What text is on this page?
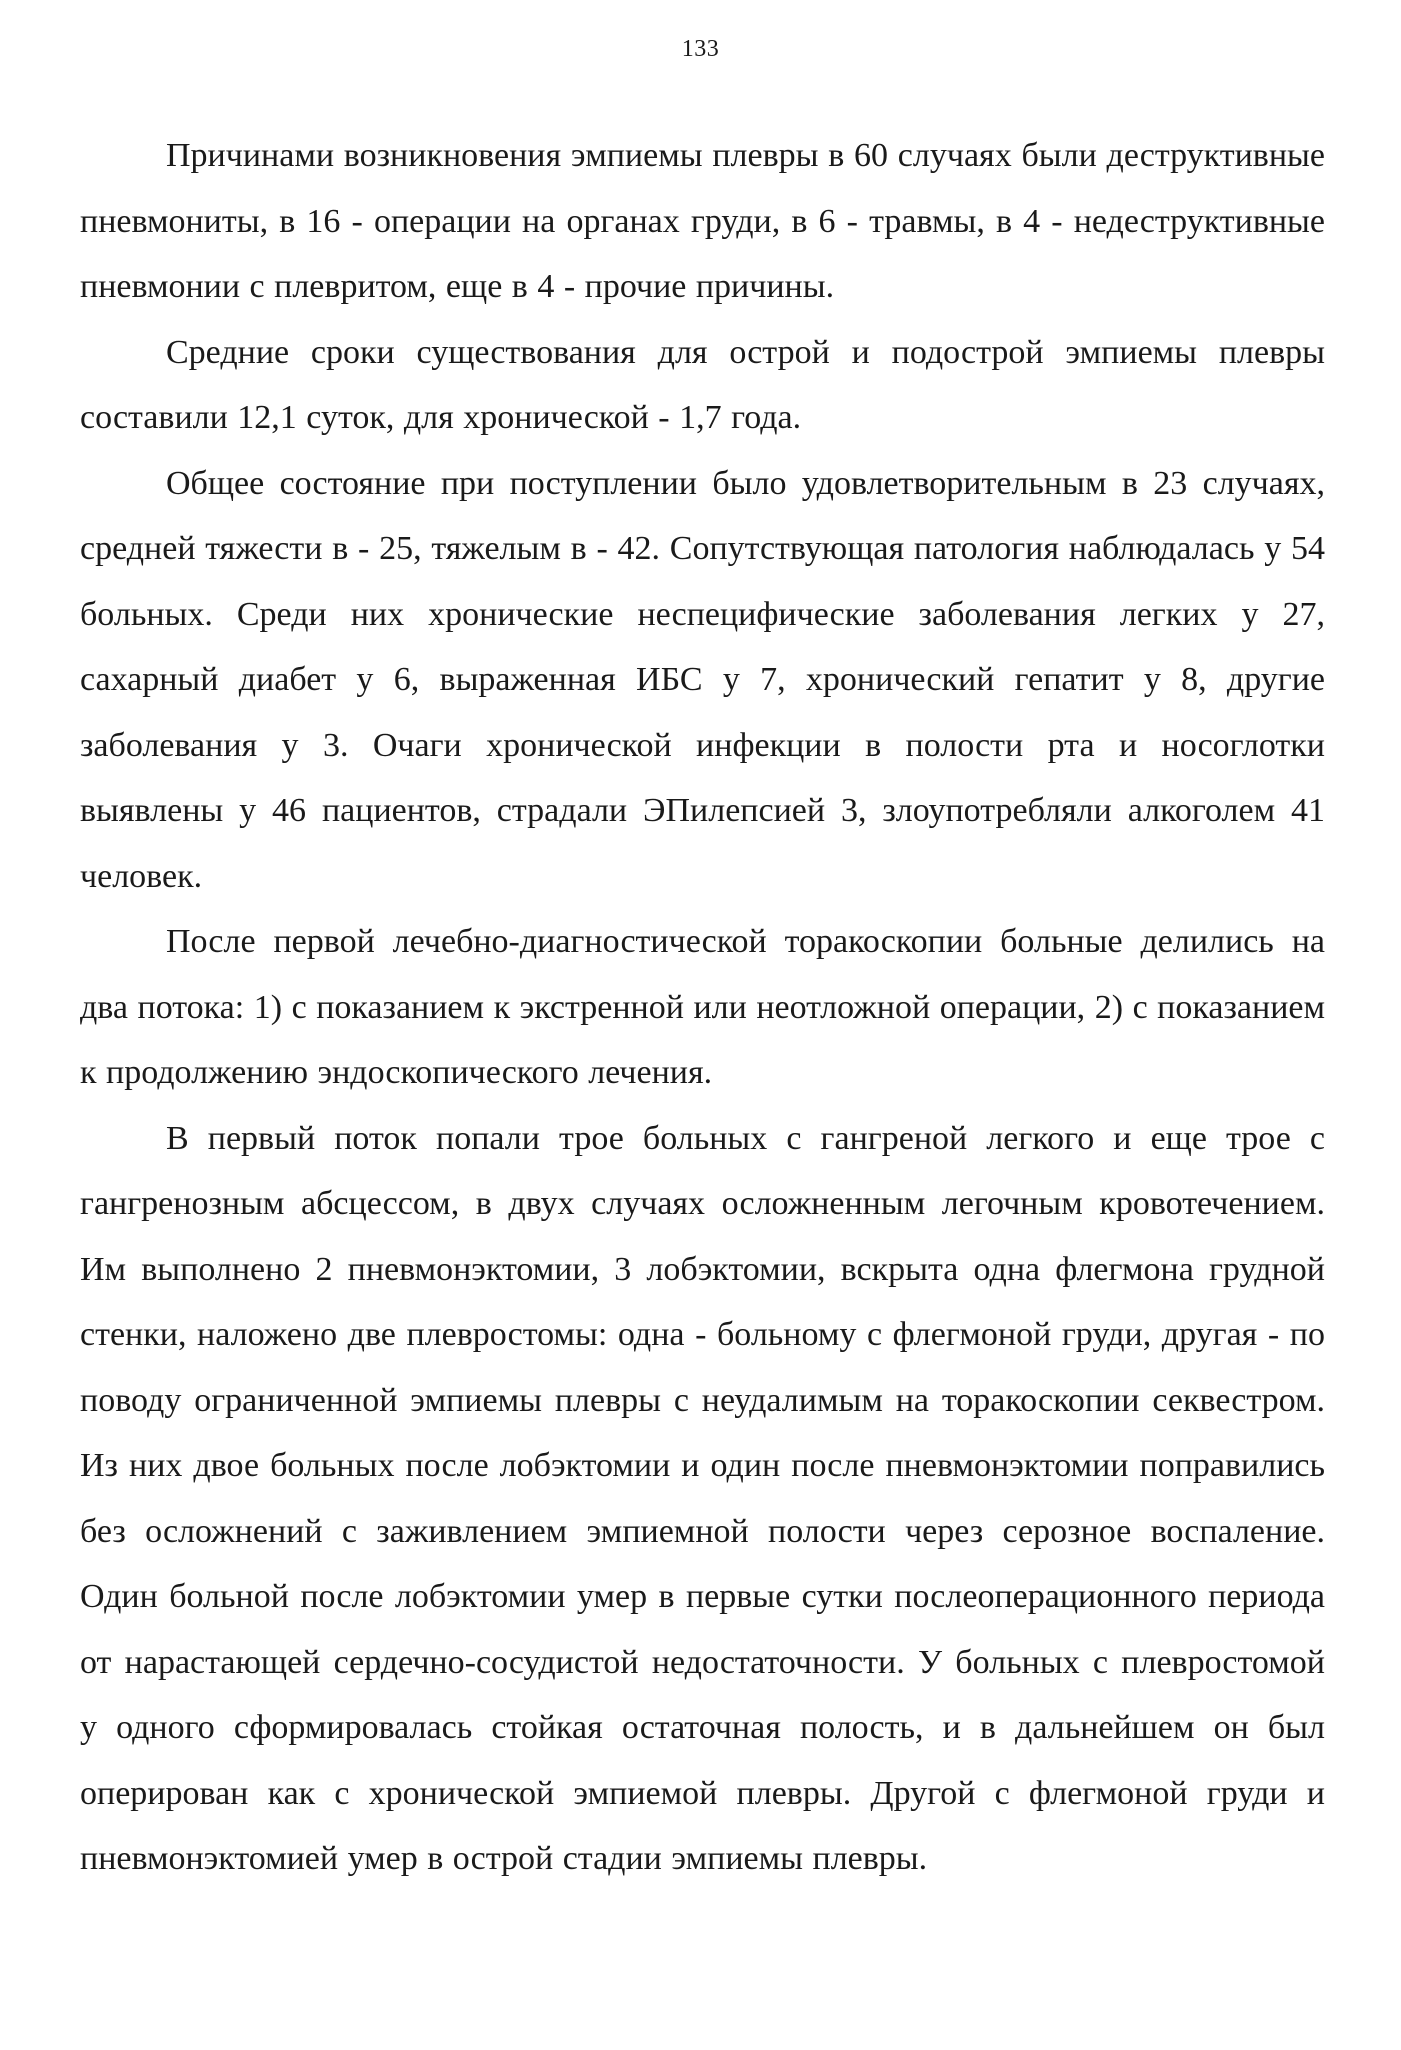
133

Причинами возникновения эмпиемы плевры в 60 случаях были деструктивные пневмониты, в 16 - операции на органах груди, в 6 - травмы, в 4 - недеструктивные пневмонии с плевритом, еще в 4 - прочие причины.

Средние сроки существования для острой и подострой эмпиемы плевры составили 12,1 суток, для хронической - 1,7 года.

Общее состояние при поступлении было удовлетворительным в 23 случаях, средней тяжести в - 25, тяжелым в - 42. Сопутствующая патология наблюдалась у 54 больных. Среди них хронические неспецифические заболевания легких у 27, сахарный диабет у 6, выраженная ИБС у 7, хронический гепатит у 8, другие заболевания у 3. Очаги хронической инфекции в полости рта и носоглотки выявлены у 46 пациентов, страдали ЭПилепсией 3, злоупотребляли алкоголем 41 человек.

После первой лечебно-диагностической торакоскопии больные делились на два потока: 1) с показанием к экстренной или неотложной операции, 2) с показанием к продолжению эндоскопического лечения.

В первый поток попали трое больных с гангреной легкого и еще трое с гангренозным абсцессом, в двух случаях осложненным легочным кровотечением. Им выполнено 2 пневмонэктомии, 3 лобэктомии, вскрыта одна флегмона грудной стенки, наложено две плевростомы: одна - больному с флегмоной груди, другая - по поводу ограниченной эмпиемы плевры с неудалимым на торакоскопии секвестром. Из них двое больных после лобэктомии и один после пневмонэктомии поправились без осложнений с заживлением эмпиемной полости через серозное воспаление. Один больной после лобэктомии умер в первые сутки послеоперационного периода от нарастающей сердечно-сосудистой недостаточности. У больных с плевростомой у одного сформировалась стойкая остаточная полость, и в дальнейшем он был оперирован как с хронической эмпиемой плевры. Другой с флегмоной груди и пневмонэктомией умер в острой стадии эмпиемы плевры.
